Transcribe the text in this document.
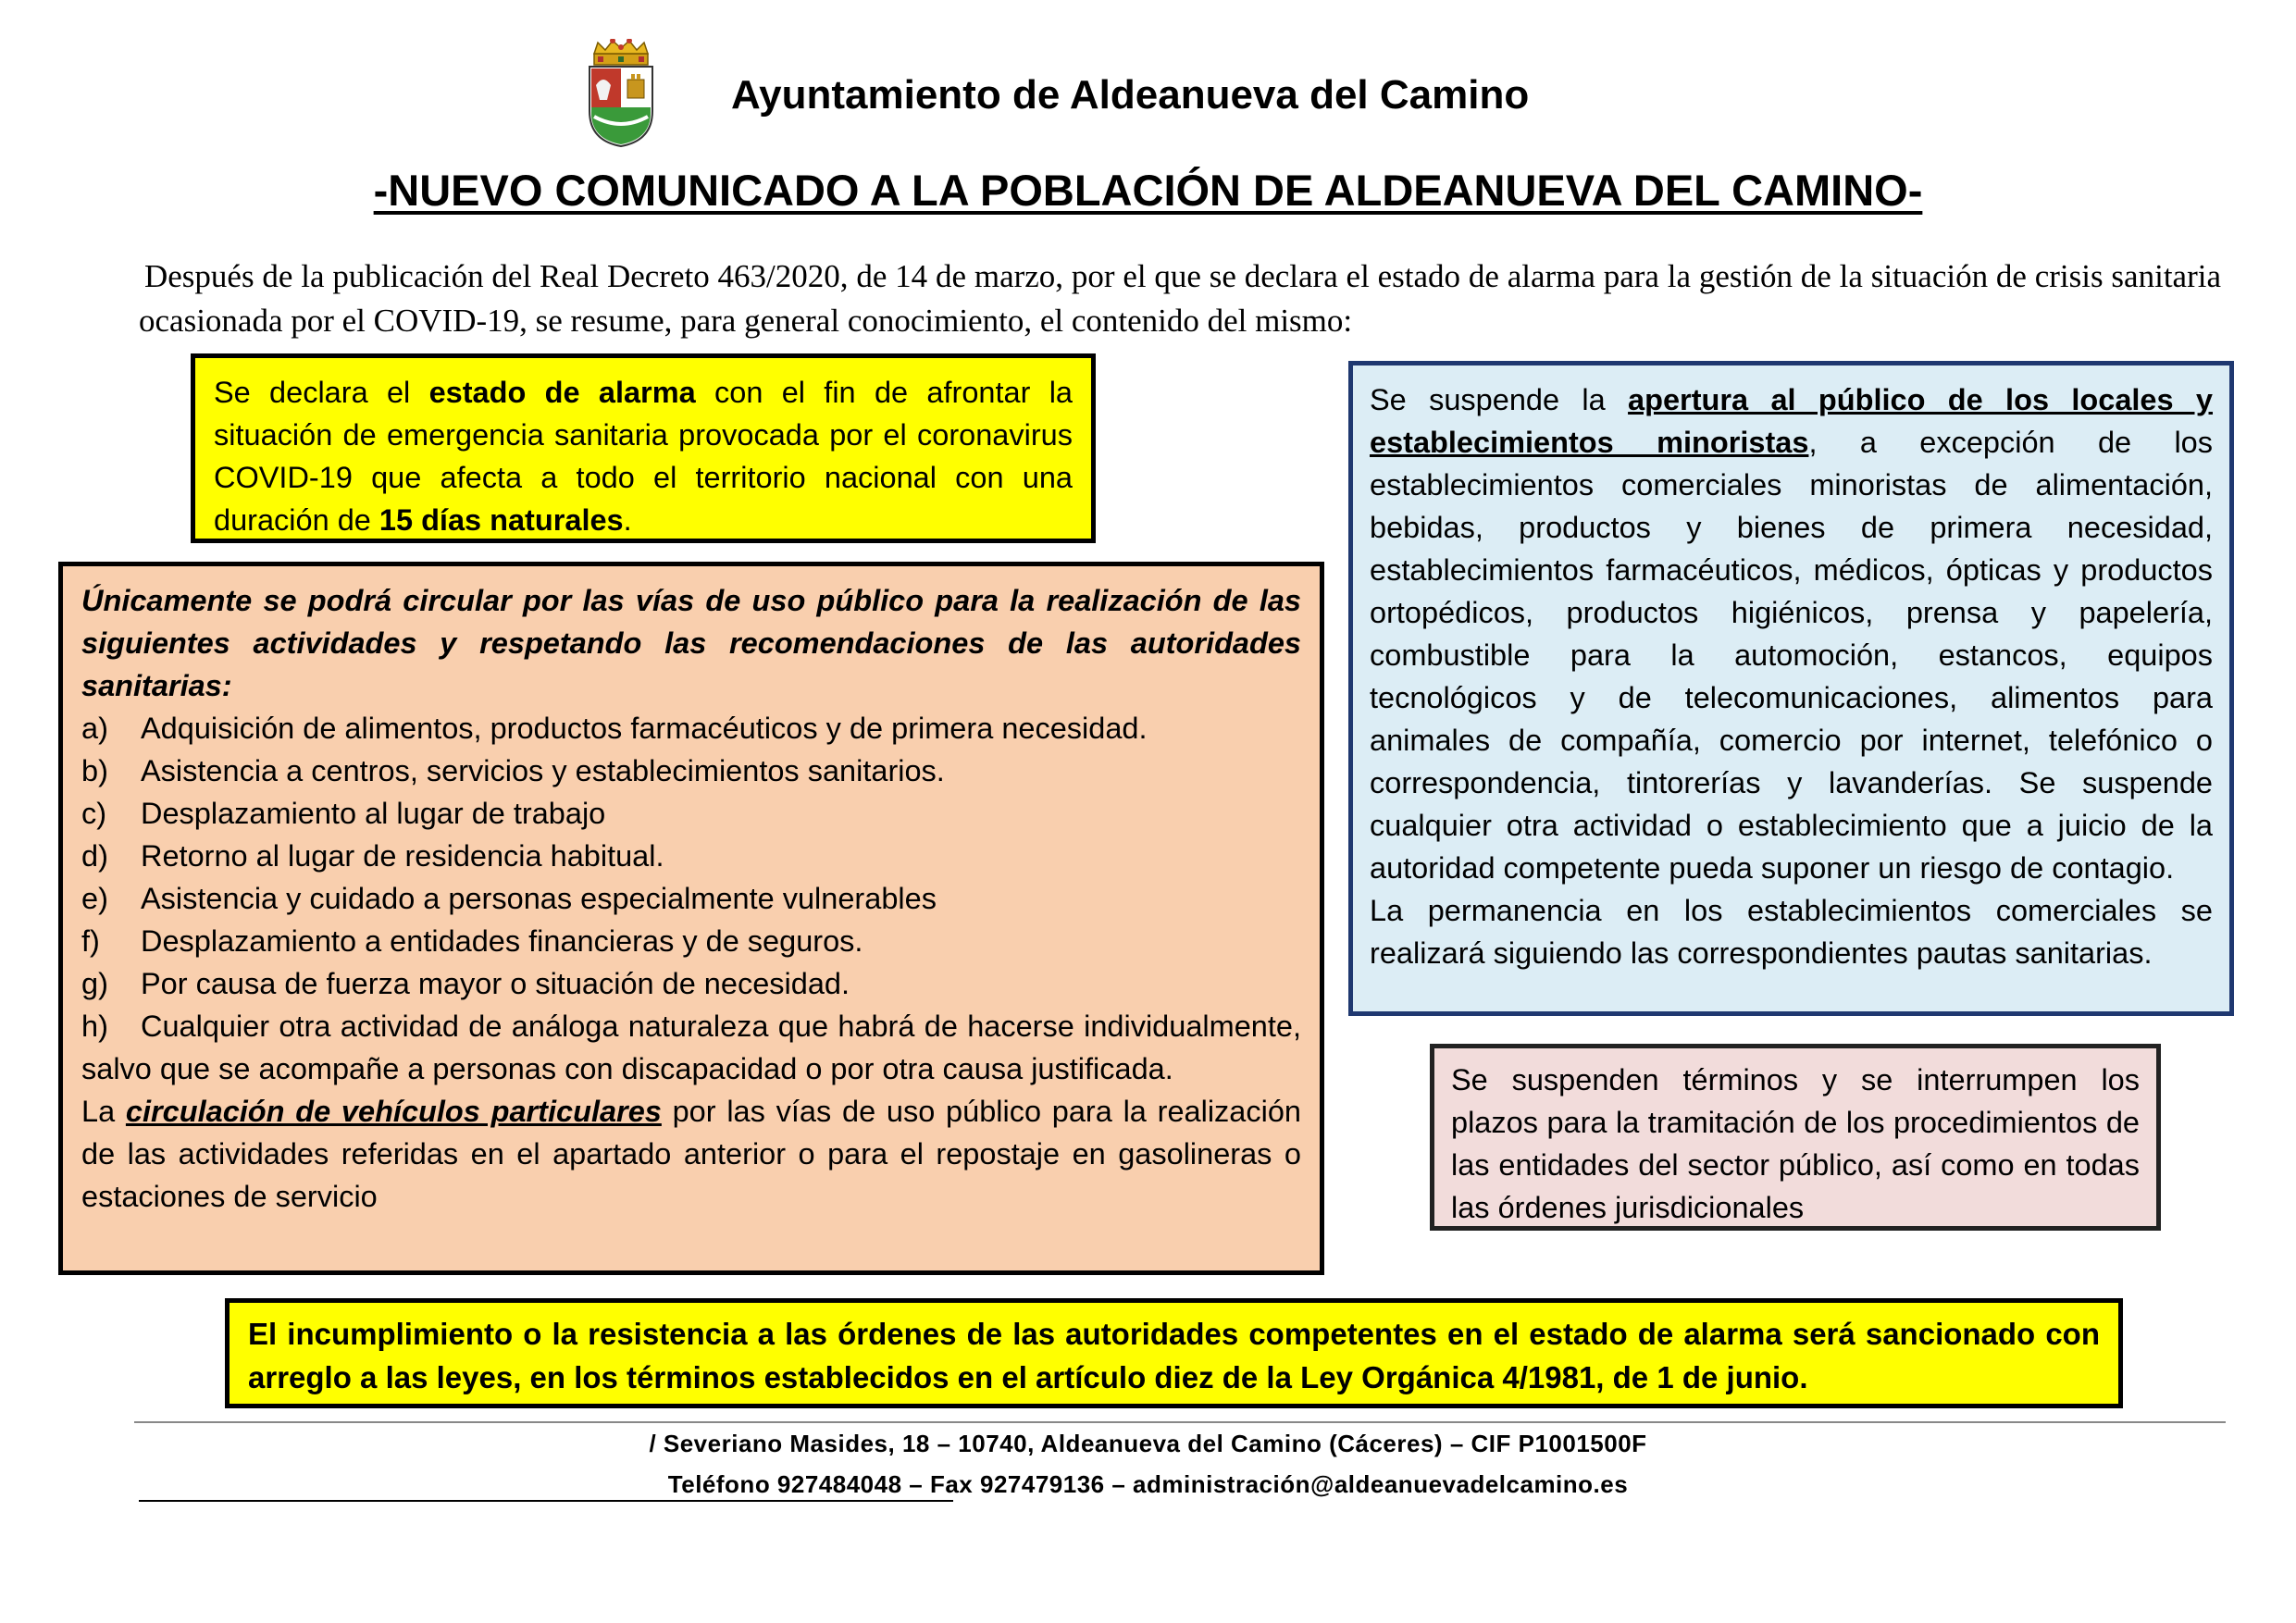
Ayuntamiento de Aldeanueva del Camino
-NUEVO COMUNICADO A LA POBLACIÓN DE ALDEANUEVA DEL CAMINO-
Después de la publicación del Real Decreto 463/2020, de 14 de marzo, por el que se declara el estado de alarma para la gestión de la situación de crisis sanitaria ocasionada por el COVID-19, se resume, para general conocimiento, el contenido del mismo:
Se declara el estado de alarma con el fin de afrontar la situación de emergencia sanitaria provocada por el coronavirus COVID-19 que afecta a todo el territorio nacional con una duración de 15 días naturales.
Únicamente se podrá circular por las vías de uso público para la realización de las siguientes actividades y respetando las recomendaciones de las autoridades sanitarias:
a) Adquisición de alimentos, productos farmacéuticos y de primera necesidad.
b) Asistencia a centros, servicios y establecimientos sanitarios.
c) Desplazamiento al lugar de trabajo
d) Retorno al lugar de residencia habitual.
e) Asistencia y cuidado a personas especialmente vulnerables
f) Desplazamiento a entidades financieras y de seguros.
g) Por causa de fuerza mayor o situación de necesidad.
h) Cualquier otra actividad de análoga naturaleza que habrá de hacerse individualmente, salvo que se acompañe a personas con discapacidad o por otra causa justificada.
La circulación de vehículos particulares por las vías de uso público para la realización de las actividades referidas en el apartado anterior o para el repostaje en gasolineras o estaciones de servicio
Se suspende la apertura al público de los locales y establecimientos minoristas, a excepción de los establecimientos comerciales minoristas de alimentación, bebidas, productos y bienes de primera necesidad, establecimientos farmacéuticos, médicos, ópticas y productos ortopédicos, productos higiénicos, prensa y papelería, combustible para la automoción, estancos, equipos tecnológicos y de telecomunicaciones, alimentos para animales de compañía, comercio por internet, telefónico o correspondencia, tintorerías y lavanderías. Se suspende cualquier otra actividad o establecimiento que a juicio de la autoridad competente pueda suponer un riesgo de contagio.
La permanencia en los establecimientos comerciales se realizará siguiendo las correspondientes pautas sanitarias.
Se suspenden términos y se interrumpen los plazos para la tramitación de los procedimientos de las entidades del sector público, así como en todas las órdenes jurisdicionales
El incumplimiento o la resistencia a las órdenes de las autoridades competentes en el estado de alarma será sancionado con arreglo a las leyes, en los términos establecidos en el artículo diez de la Ley Orgánica 4/1981, de 1 de junio.
/ Severiano Masides, 18 – 10740, Aldeanueva del Camino (Cáceres) – CIF P1001500F
Teléfono 927484048 – Fax 927479136 – administración@aldeanuevadelcamino.es
